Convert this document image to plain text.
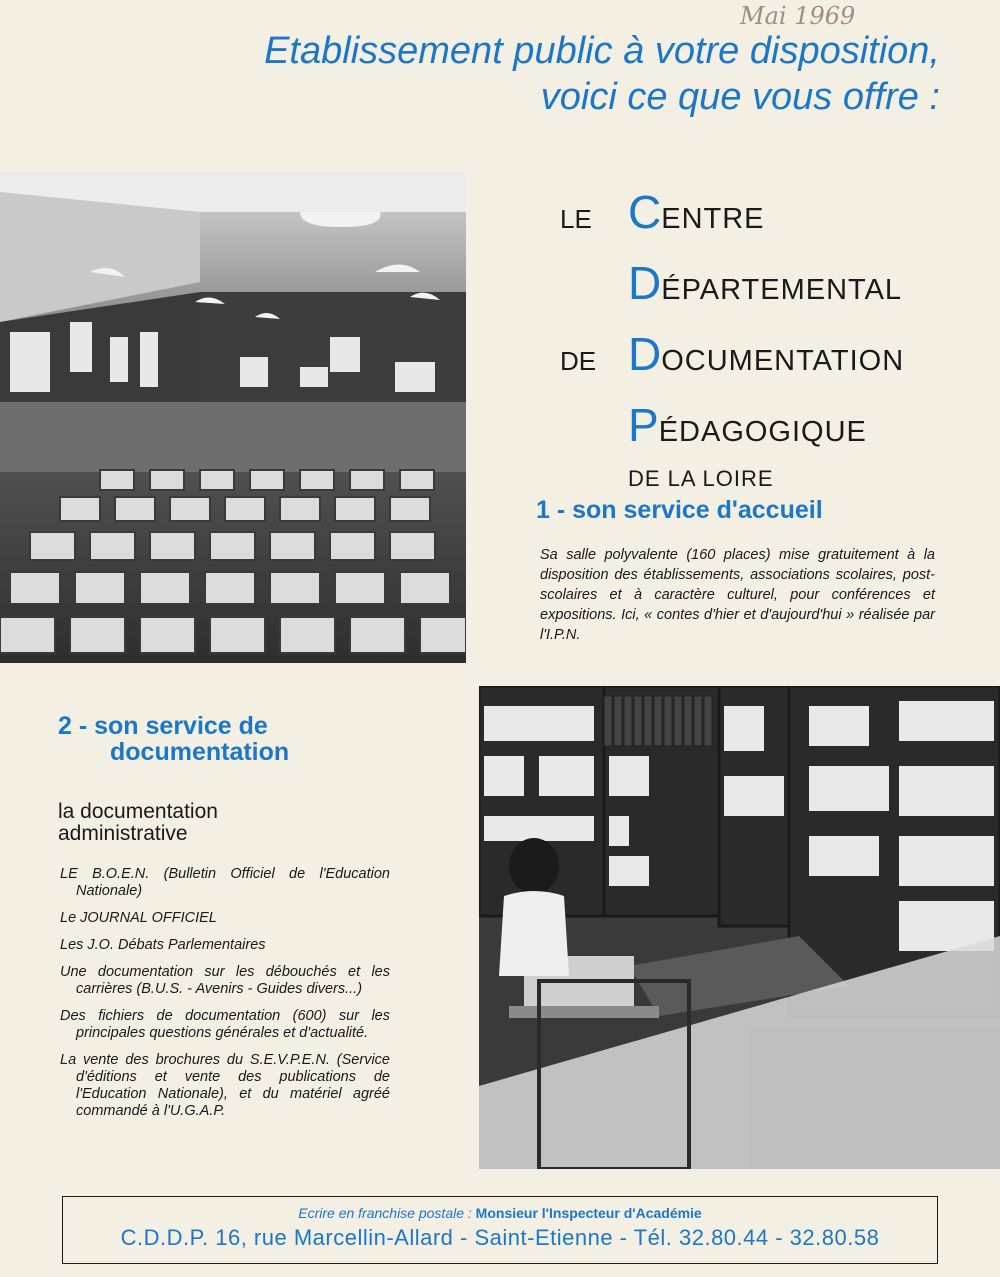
Mai 1969
Etablissement public à votre disposition,
voici ce que vous offre :
LE CENTRE
DÉPARTEMENTAL
DE DOCUMENTATION
PÉDAGOGIQUE
DE LA LOIRE
1 - son service d'accueil

Sa salle polyvalente (160 places) mise gratuitement à la disposition des établissements, associations scolaires, post-scolaires et à caractère culturel, pour conférences et expositions. Ici, « contes d'hier et d'aujourd'hui » réalisée par l'I.P.N.

2 - son service de
documentation
la documentation
administrative
LE B.O.E.N. (Bulletin Officiel de l'Education Nationale)
Le JOURNAL OFFICIEL
Les J.O. Débats Parlementaires
Une documentation sur les débouchés et les carrières (B.U.S. - Avenirs - Guides divers...)
Des fichiers de documentation (600) sur les principales questions générales et d'actualité.
La vente des brochures du S.E.V.P.E.N. (Service d'éditions et vente des publications de l'Education Nationale), et du matériel agréé commandé à l'U.G.A.P.
Ecrire en franchise postale : Monsieur l'Inspecteur d'Académie
C.D.D.P. 16, rue Marcellin-Allard - Saint-Etienne - Tél. 32.80.44 - 32.80.58
